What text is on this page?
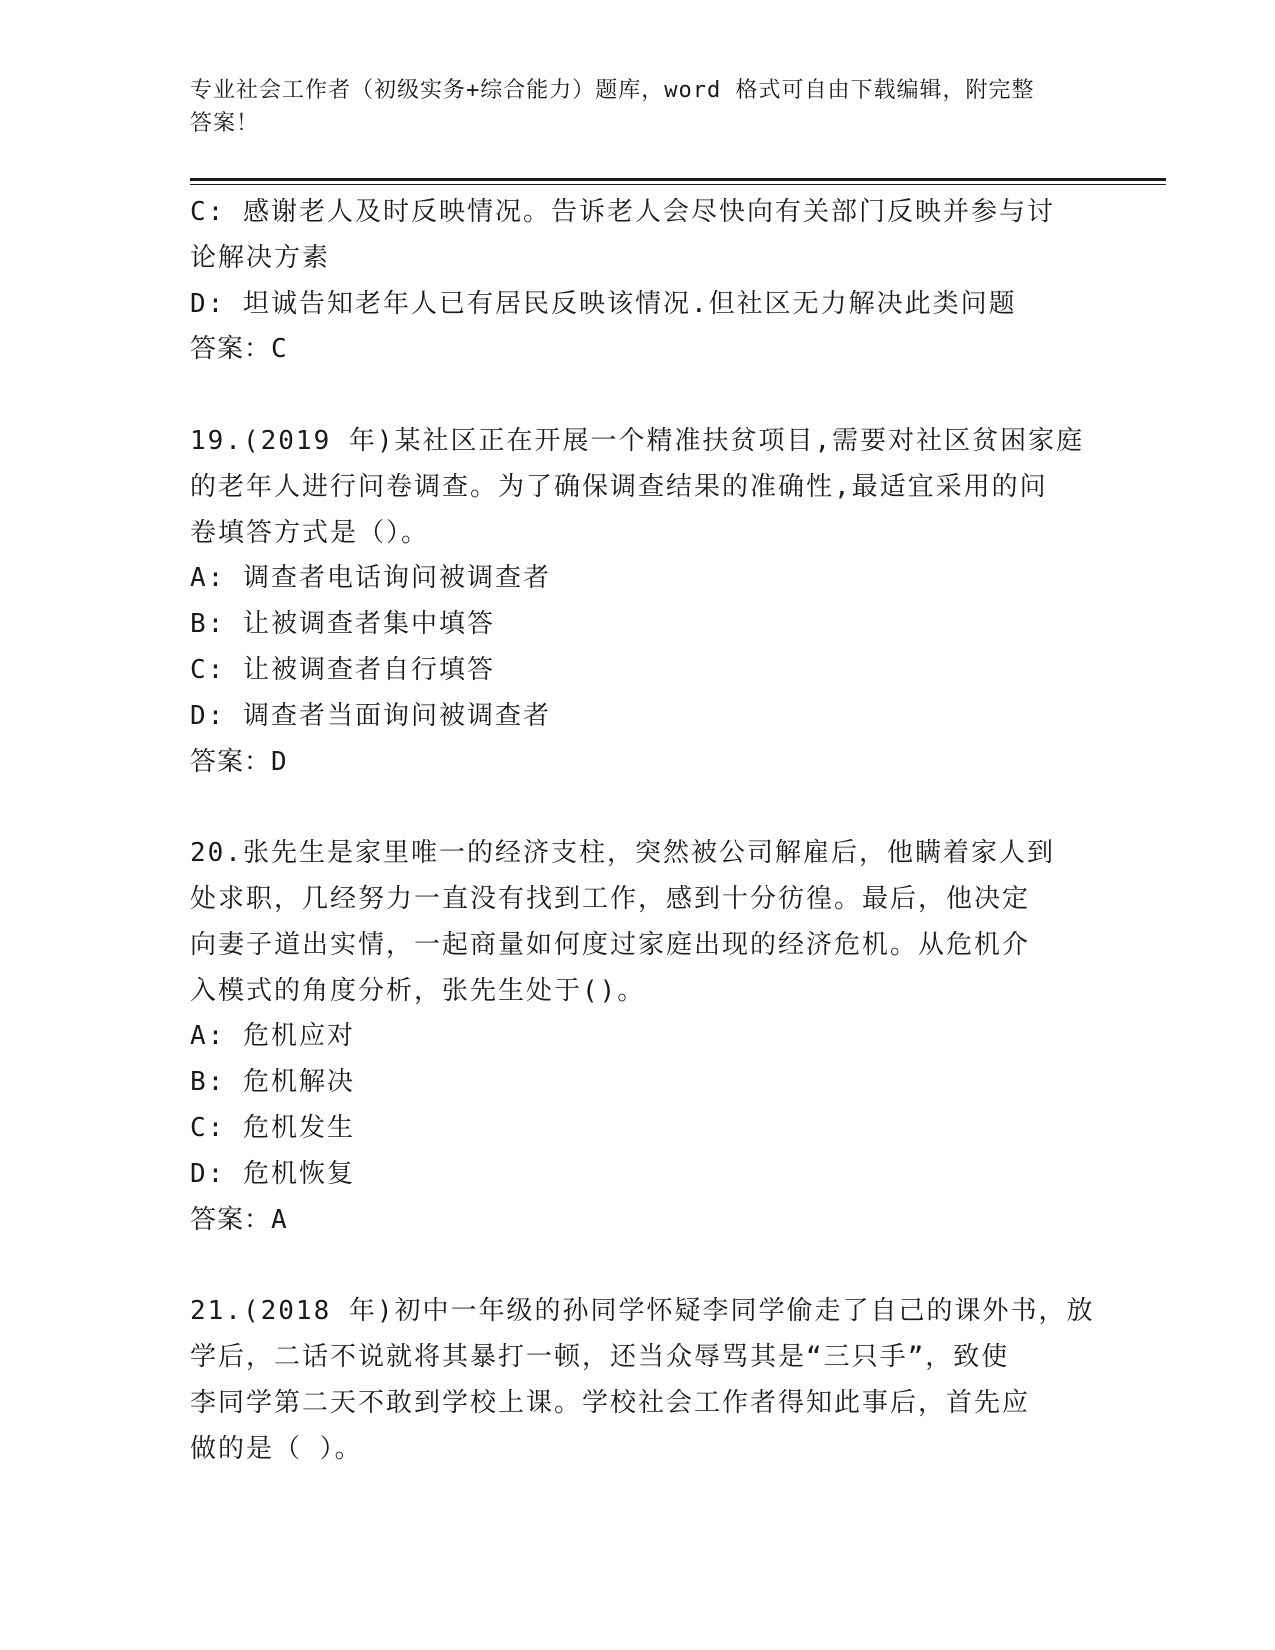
专业社会工作者（初级实务+综合能力）题库，word 格式可自由下载编辑，附完整
答案！
C: 感谢老人及时反映情况。告诉老人会尽快向有关部门反映并参与讨
论解决方素
D: 坦诚告知老年人已有居民反映该情况.但社区无力解决此类问题
答案：C
19.(2019 年)某社区正在开展一个精准扶贫项目,需要对社区贫困家庭
的老年人进行问卷调查。为了确保调查结果的准确性,最适宜采用的问
卷填答方式是（）。
A: 调查者电话询问被调查者
B: 让被调查者集中填答
C: 让被调查者自行填答
D: 调查者当面询问被调查者
答案：D
20.张先生是家里唯一的经济支柱，突然被公司解雇后，他瞒着家人到
处求职，几经努力一直没有找到工作，感到十分彷徨。最后，他决定
向妻子道出实情，一起商量如何度过家庭出现的经济危机。从危机介
入模式的角度分析，张先生处于()。
A: 危机应对
B: 危机解决
C: 危机发生
D: 危机恢复
答案：A
21.(2018 年)初中一年级的孙同学怀疑李同学偷走了自己的课外书，放
学后，二话不说就将其暴打一顿，还当众辱骂其是“三只手”，致使
李同学第二天不敢到学校上课。学校社会工作者得知此事后，首先应
做的是（ ）。
